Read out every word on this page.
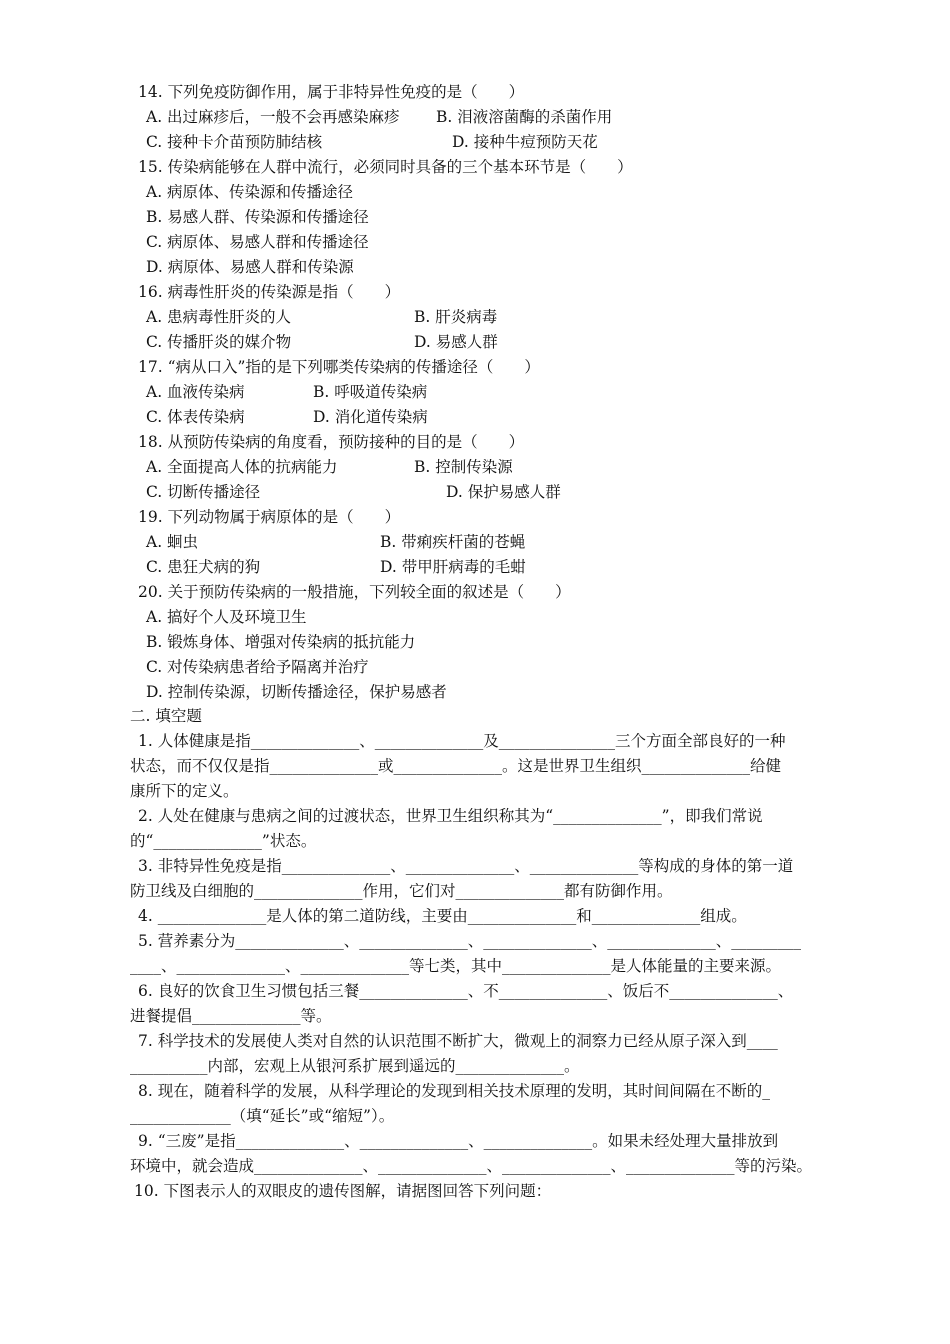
14. 下列免疫防御作用，属于非特异性免疫的是（　　）
A. 出过麻疹后，一般不会再感染麻疹 B. 泪液溶菌酶的杀菌作用
C. 接种卡介苗预防肺结核	D. 接种牛痘预防天花
15. 传染病能够在人群中流行，必须同时具备的三个基本环节是（　　）
A. 病原体、传染源和传播途径
B. 易感人群、传染源和传播途径
C. 病原体、易感人群和传播途径
D. 病原体、易感人群和传染源
16. 病毒性肝炎的传染源是指（　　）
A. 患病毒性肝炎的人	B. 肝炎病毒
C. 传播肝炎的媒介物	D. 易感人群
17. “病从口入”指的是下列哪类传染病的传播途径（　　）
A. 血液传染病	B. 呼吸道传染病
C. 体表传染病	D. 消化道传染病
18. 从预防传染病的角度看，预防接种的目的是（　　）
A. 全面提高人体的抗病能力	B. 控制传染源
C. 切断传播途径	D. 保护易感人群
19. 下列动物属于病原体的是（　　）
A. 蛔虫	B. 带痢疾杆菌的苍蝇
C. 患狂犬病的狗	D. 带甲肝病毒的毛蚶
20. 关于预防传染病的一般措施，下列较全面的叙述是（　　）
A. 搞好个人及环境卫生
B. 锻炼身体、增强对传染病的抵抗能力
C. 对传染病患者给予隔离并治疗
D. 控制传染源，切断传播途径，保护易感者
二. 填空题
1. 人体健康是指______________、______________及_______________三个方面全部良好的一种
状态，而不仅仅是指______________或______________。这是世界卫生组织______________给健
康所下的定义。
2. 人处在健康与患病之间的过渡状态，世界卫生组织称其为“______________”，即我们常说
的“______________”状态。
3. 非特异性免疫是指______________、______________、______________等构成的身体的第一道
防卫线及白细胞的______________作用，它们对______________都有防御作用。
4. ______________是人体的第二道防线，主要由______________和______________组成。
5. 营养素分为______________、______________、______________、______________、_________
____、______________、______________等七类，其中______________是人体能量的主要来源。
6. 良好的饮食卫生习惯包括三餐______________、不______________、饭后不______________、
进餐提倡______________等。
7. 科学技术的发展使人类对自然的认识范围不断扩大，微观上的洞察力已经从原子深入到____
__________内部，宏观上从银河系扩展到遥远的______________。
8. 现在，随着科学的发展，从科学理论的发现到相关技术原理的发明，其时间间隔在不断的_
_____________（填“延长”或“缩短”）。
9. “三废”是指______________、______________、______________。如果未经处理大量排放到
环境中，就会造成______________、______________、______________、______________等的污染。
10. 下图表示人的双眼皮的遗传图解，请据图回答下列问题：
